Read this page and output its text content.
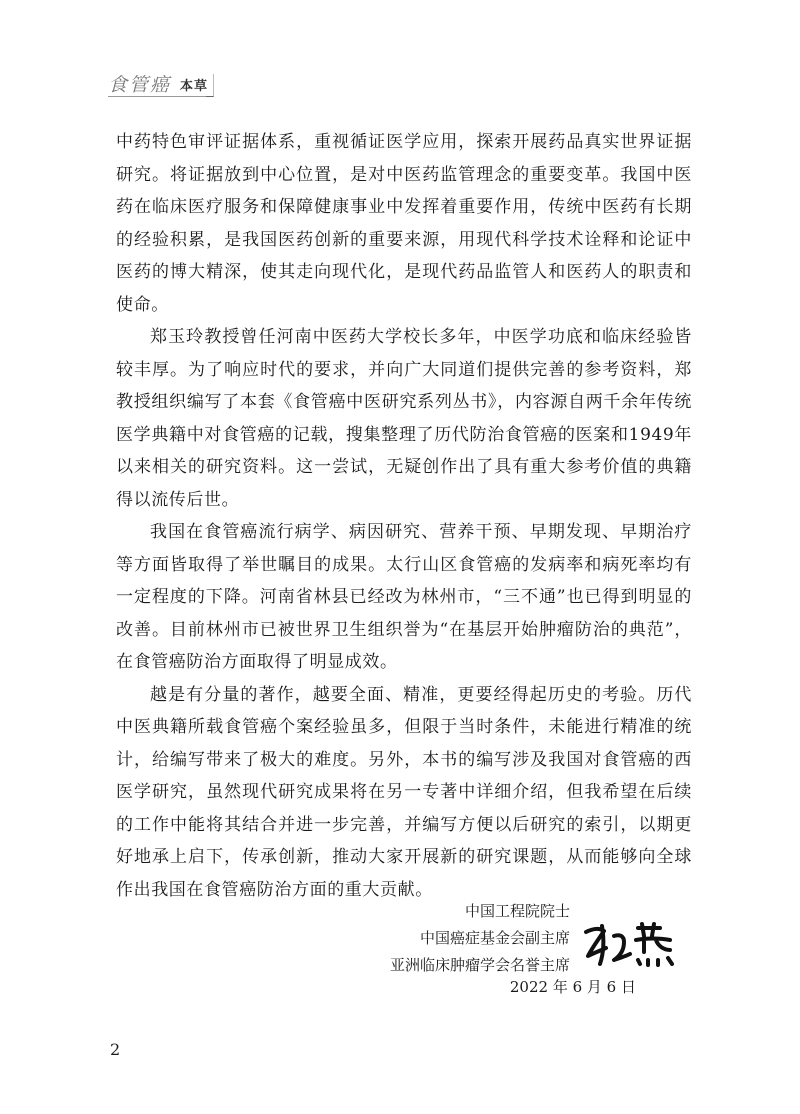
食管癌 本草

中药特色审评证据体系，重视循证医学应用，探索开展药品真实世界证据研究。将证据放到中心位置，是对中医药监管理念的重要变革。我国中医药在临床医疗服务和保障健康事业中发挥着重要作用，传统中医药有长期的经验积累，是我国医药创新的重要来源，用现代科学技术诠释和论证中医药的博大精深，使其走向现代化，是现代药品监管人和医药人的职责和使命。

郑玉玲教授曾任河南中医药大学校长多年，中医学功底和临床经验皆较丰厚。为了响应时代的要求，并向广大同道们提供完善的参考资料，郑教授组织编写了本套《食管癌中医研究系列丛书》，内容源自两千余年传统医学典籍中对食管癌的记载，搜集整理了历代防治食管癌的医案和1949年以来相关的研究资料。这一尝试，无疑创作出了具有重大参考价值的典籍得以流传后世。

我国在食管癌流行病学、病因研究、营养干预、早期发现、早期治疗等方面皆取得了举世瞩目的成果。太行山区食管癌的发病率和病死率均有一定程度的下降。河南省林县已经改为林州市，“三不通”也已得到明显的改善。目前林州市已被世界卫生组织誉为“在基层开始肿瘤防治的典范”，在食管癌防治方面取得了明显成效。

越是有分量的著作，越要全面、精准，更要经得起历史的考验。历代中医典籍所载食管癌个案经验虽多，但限于当时条件，未能进行精准的统计，给编写带来了极大的难度。另外，本书的编写涉及我国对食管癌的西医学研究，虽然现代研究成果将在另一专著中详细介绍，但我希望在后续的工作中能将其结合并进一步完善，并编写方便以后研究的索引，以期更好地承上启下，传承创新，推动大家开展新的研究课题，从而能够向全球作出我国在食管癌防治方面的重大贡献。

中国工程院院士
中国癌症基金会副主席
亚洲临床肿瘤学会名誉主席
2022 年 6 月 6 日
2
